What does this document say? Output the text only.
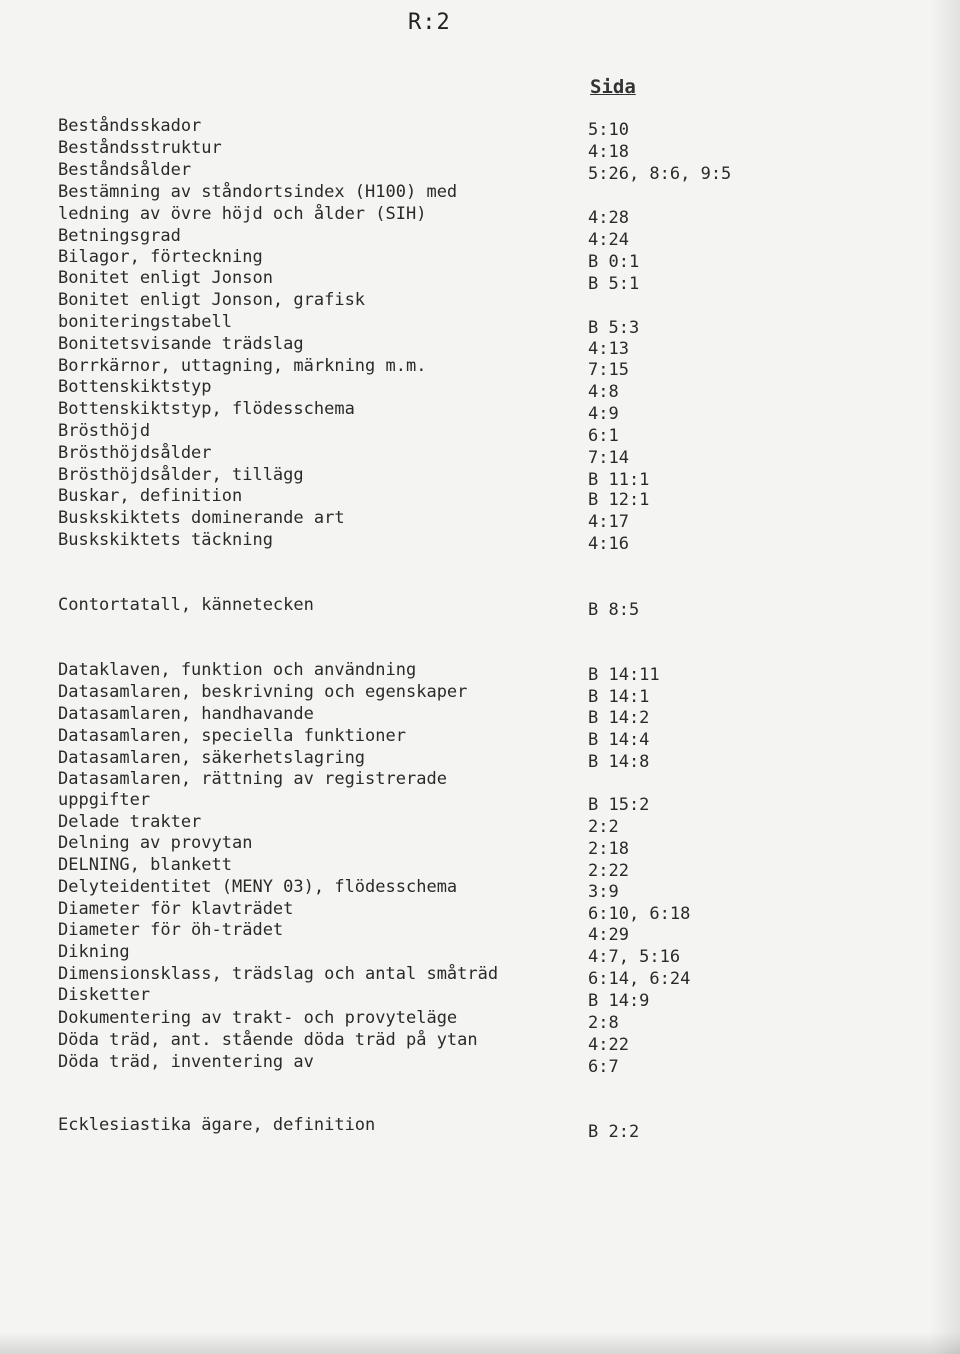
R:2
Sida
Beståndsskador	5:10
Beståndsstruktur	4:18
Beståndsålder	5:26, 8:6, 9:5
Bestämning av ståndortsindex (H100) med
ledning av övre höjd och ålder (SIH)	4:28
Betningsgrad	4:24
Bilagor, förteckning	B 0:1
Bonitet enligt Jonson	B 5:1
Bonitet enligt Jonson, grafisk
boniteringstabell	B 5:3
Bonitetsvisande trädslag	4:13
Borrkärnor, uttagning, märkning m.m.	7:15
Bottenskiktstyp	4:8
Bottenskiktstyp, flödesschema	4:9
Brösthöjd	6:1
Brösthöjdsålder	7:14
Brösthöjdsålder, tillägg	B 11:1
Buskar, definition	B 12:1
Buskskiktets dominerande art	4:17
Buskskiktets täckning	4:16
Contortatall, kännetecken	B 8:5
Dataklaven, funktion och användning	B 14:11
Datasamlaren, beskrivning och egenskaper	B 14:1
Datasamlaren, handhavande	B 14:2
Datasamlaren, speciella funktioner	B 14:4
Datasamlaren, säkerhetslagring	B 14:8
Datasamlaren, rättning av registrerade
uppgifter	B 15:2
Delade trakter	2:2
Delning av provytan	2:18
DELNING, blankett	2:22
Delyteidentitet (MENY 03), flödesschema	3:9
Diameter för klavträdet	6:10, 6:18
Diameter för öh-trädet	4:29
Dikning	4:7, 5:16
Dimensionsklass, trädslag och antal småträd	6:14, 6:24
Disketter	B 14:9
Dokumentering av trakt- och provyteläge	2:8
Döda träd, ant. stående döda träd på ytan	4:22
Döda träd, inventering av	6:7
Ecklesiastika ägare, definition	B 2:2
